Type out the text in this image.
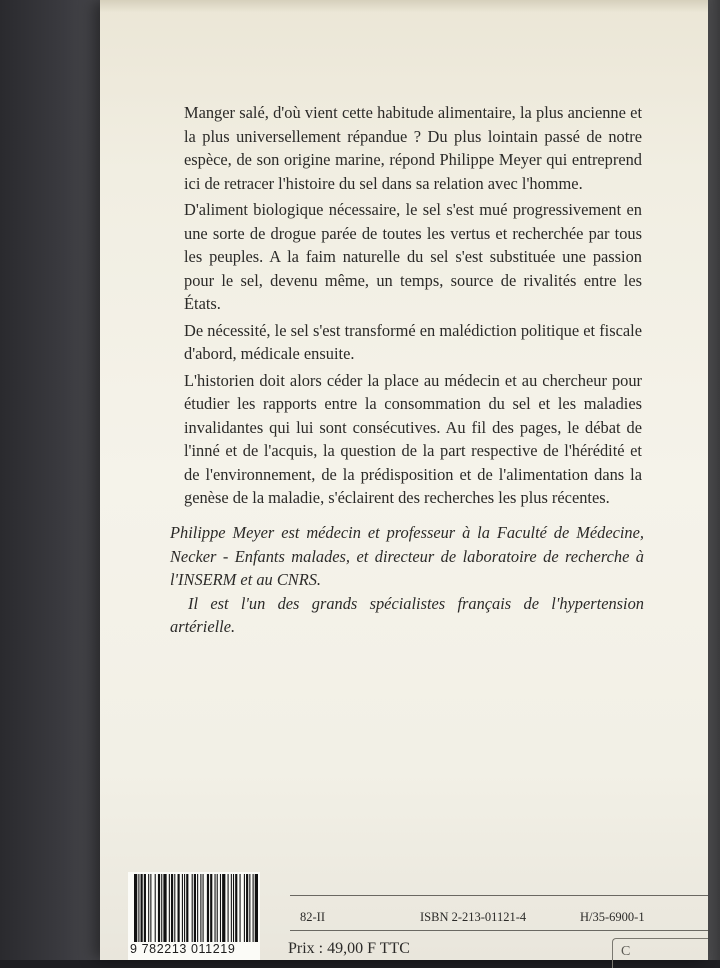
Manger salé, d'où vient cette habitude alimentaire, la plus ancienne et la plus universellement répandue ? Du plus lointain passé de notre espèce, de son origine marine, répond Philippe Meyer qui entreprend ici de retracer l'histoire du sel dans sa relation avec l'homme.

D'aliment biologique nécessaire, le sel s'est mué progressivement en une sorte de drogue parée de toutes les vertus et recherchée par tous les peuples. A la faim naturelle du sel s'est substituée une passion pour le sel, devenu même, un temps, source de rivalités entre les États.

De nécessité, le sel s'est transformé en malédiction politique et fiscale d'abord, médicale ensuite.

L'historien doit alors céder la place au médecin et au chercheur pour étudier les rapports entre la consommation du sel et les maladies invalidantes qui lui sont consécutives. Au fil des pages, le débat de l'inné et de l'acquis, la question de la part respective de l'hérédité et de l'environnement, de la prédisposition et de l'alimentation dans la genèse de la maladie, s'éclairent des recherches les plus récentes.

Philippe Meyer est médecin et professeur à la Faculté de Médecine, Necker - Enfants malades, et directeur de laboratoire de recherche à l'INSERM et au CNRS.

Il est l'un des grands spécialistes français de l'hypertension artérielle.

9 782213 011219
82-II	ISBN 2-213-01121-4	H/35-6900-1
Prix : 49,00 F TTC	C
